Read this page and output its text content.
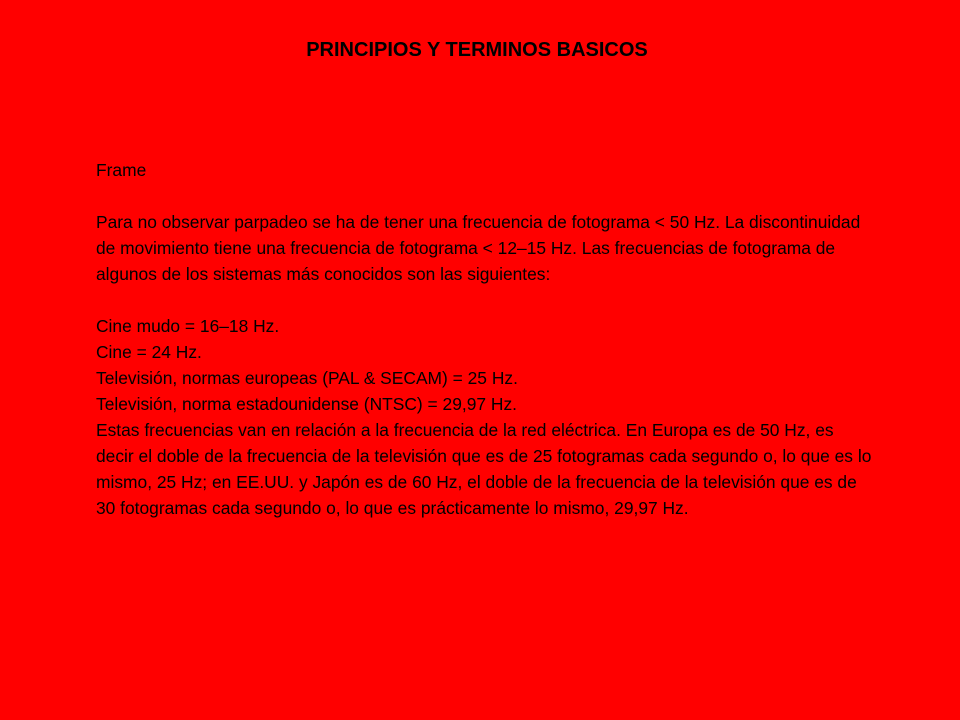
PRINCIPIOS Y TERMINOS BASICOS

Frame

Para no observar parpadeo se ha de tener una frecuencia de fotograma < 50 Hz. La discontinuidad de movimiento tiene una frecuencia de fotograma < 12–15 Hz. Las frecuencias de fotograma de algunos de los sistemas más conocidos son las siguientes:

Cine mudo = 16–18 Hz.

Cine = 24 Hz.

Televisión, normas europeas (PAL & SECAM) = 25 Hz.

Televisión, norma estadounidense (NTSC) = 29,97 Hz.

Estas frecuencias van en relación a la frecuencia de la red eléctrica. En Europa es de 50 Hz, es decir el doble de la frecuencia de la televisión que es de 25 fotogramas cada segundo o, lo que es lo mismo, 25 Hz; en EE.UU. y Japón es de 60 Hz, el doble de la frecuencia de la televisión que es de 30 fotogramas cada segundo o, lo que es prácticamente lo mismo, 29,97 Hz.
